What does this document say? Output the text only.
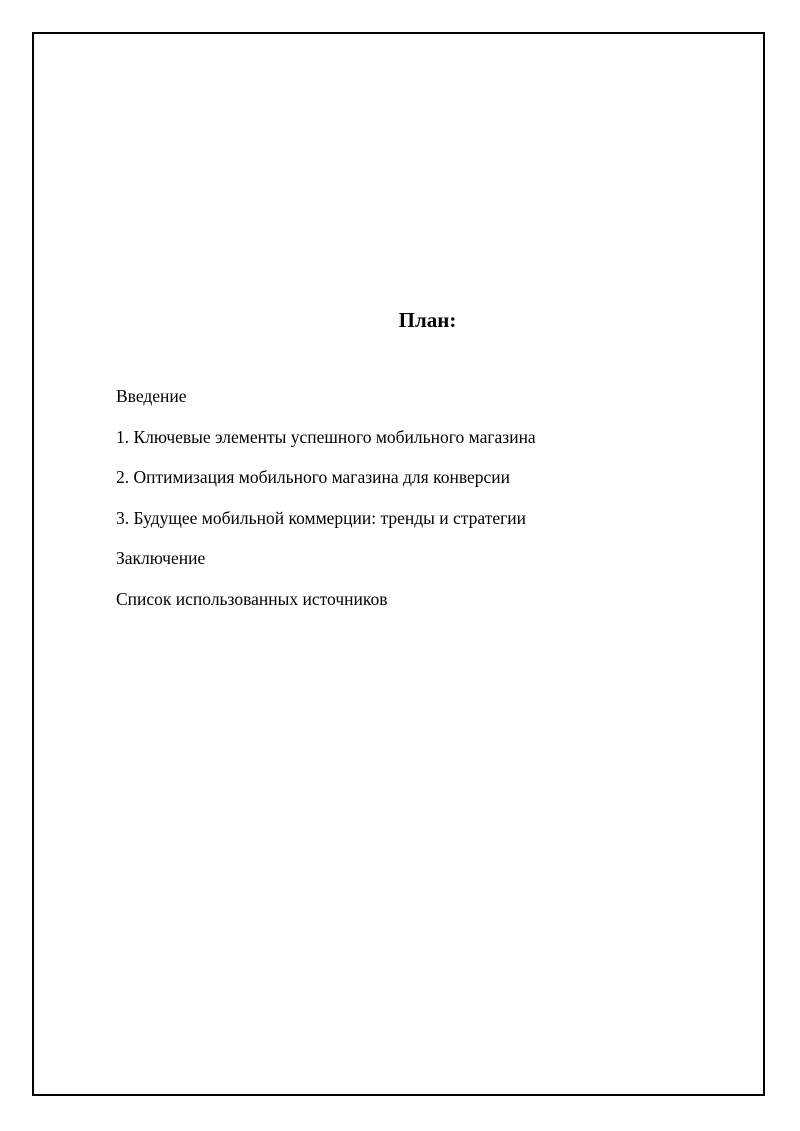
План:
Введение
1. Ключевые элементы успешного мобильного магазина
2. Оптимизация мобильного магазина для конверсии
3. Будущее мобильной коммерции: тренды и стратегии
Заключение
Список использованных источников
